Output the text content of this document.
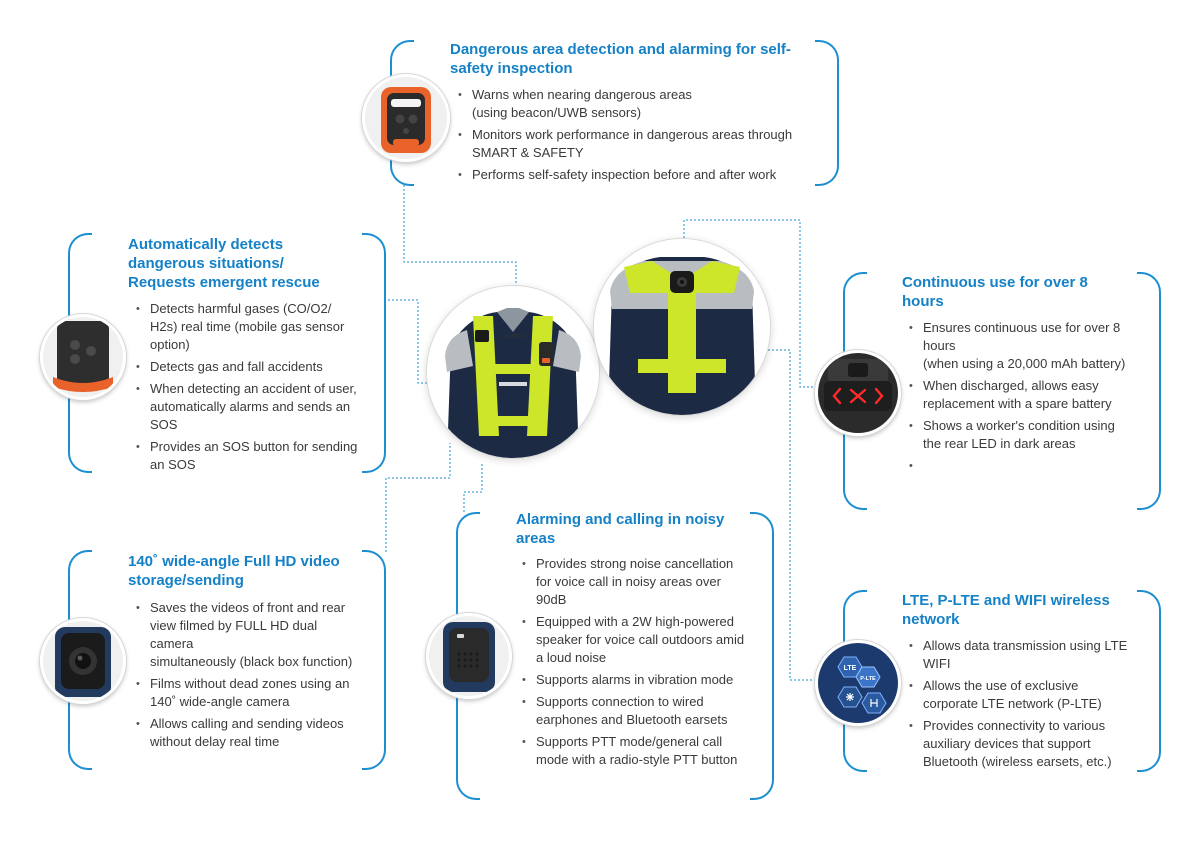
SafeMATE
Dangerous area detection and alarming for self-safety inspection
• Warns when nearing dangerous areas
(using beacon/UWB sensors)
• Monitors work performance in dangerous areas through SMART & SAFETY
• Performs self-safety inspection before and after work
Automatically detects dangerous situations/ Requests emergent rescue
• Detects harmful gases (CO/O2/ H2s) real time (mobile gas sensor option)
• Detects gas and fall accidents
• When detecting an accident of user, automatically alarms and sends an SOS
• Provides an SOS button for sending an SOS
140˚ wide-angle Full HD video storage/sending
• Saves the videos of front and rear view filmed by FULL HD dual camera
simultaneously (black box function)
• Films without dead zones using an 140˚ wide-angle camera
• Allows calling and sending videos without delay real time
Alarming and calling in noisy areas
• Provides strong noise cancellation for voice call in noisy areas over 90dB
• Equipped with a 2W high-powered speaker for voice call outdoors amid a loud noise
• Supports alarms in vibration mode
• Supports connection to wired earphones and Bluetooth earsets
• Supports PTT mode/general call mode with a radio-style PTT button
Continuous use for over 8 hours
• Ensures continuous use for over 8 hours
(when using a 20,000 mAh battery)
• When discharged, allows easy replacement with a spare battery
• Shows a worker's condition using the rear LED in dark areas
LTE, P-LTE and WIFI wireless network
• Allows data transmission using LTE WIFI
• Allows the use of exclusive corporate LTE network (P-LTE)
• Provides connectivity to various auxiliary devices that support Bluetooth (wireless earsets, etc.)
LTE
P-LTE
